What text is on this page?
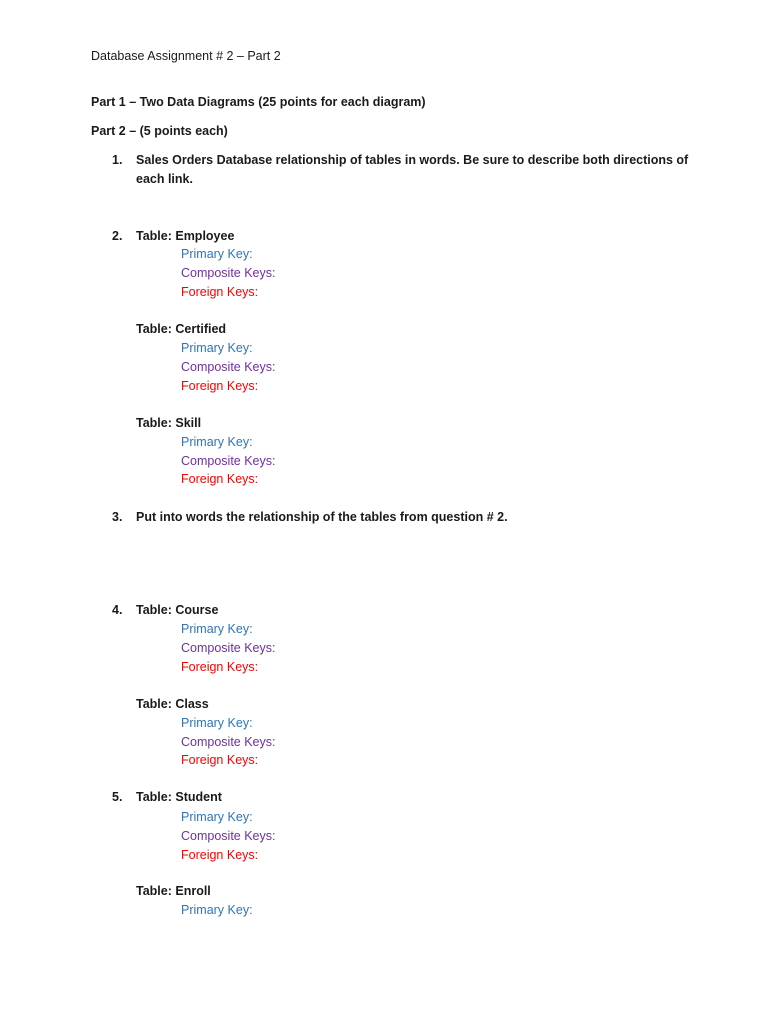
Database Assignment # 2 – Part 2
Part 1 – Two Data Diagrams (25 points for each diagram)
Part 2 – (5 points each)
1. Sales Orders Database relationship of tables in words. Be sure to describe both directions of
each link.
2. Table: Employee
Primary Key:
Composite Keys:
Foreign Keys:
Table: Certified
Primary Key:
Composite Keys:
Foreign Keys:
Table: Skill
Primary Key:
Composite Keys:
Foreign Keys:
3. Put into words the relationship of the tables from question # 2.
4. Table: Course
Primary Key:
Composite Keys:
Foreign Keys:
Table: Class
Primary Key:
Composite Keys:
Foreign Keys:
5. Table: Student
Primary Key:
Composite Keys:
Foreign Keys:
Table: Enroll
Primary Key:
